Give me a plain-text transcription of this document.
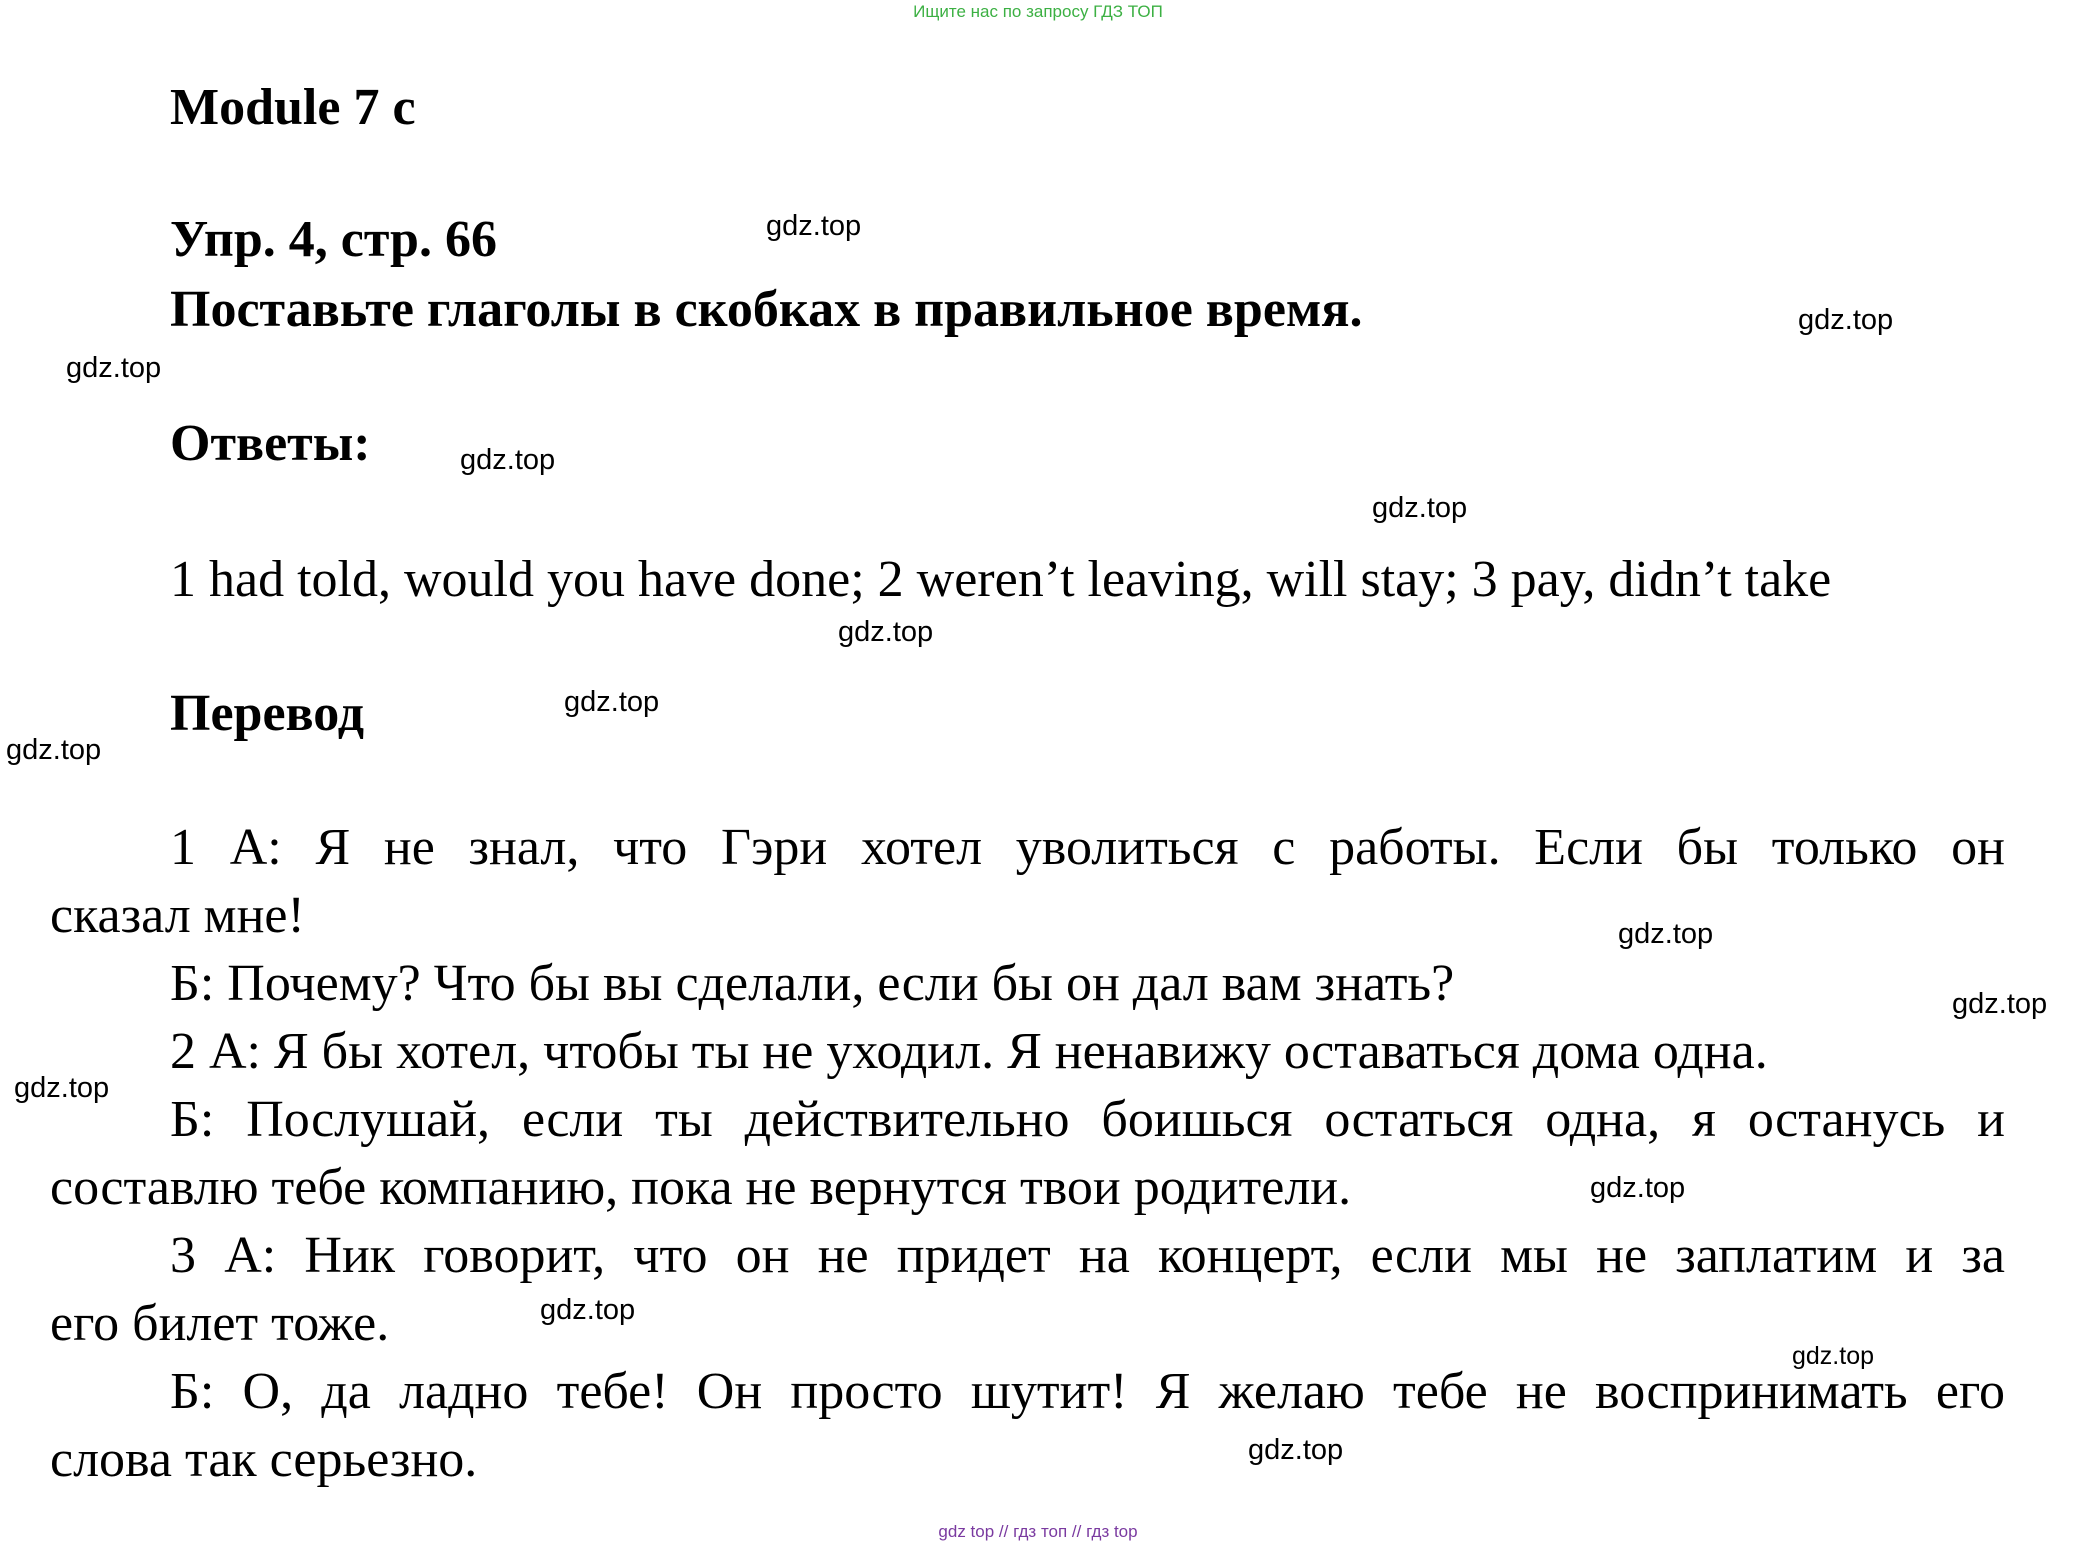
Ищите нас по запросу ГДЗ ТОП
Module 7 c
Упр. 4, стр. 66
Поставьте глаголы в скобках в правильное время.
Ответы:
1 had told, would you have done; 2 weren’t leaving, will stay; 3 pay, didn’t take
Перевод
1 А: Я не знал, что Гэри хотел уволиться с работы. Если бы только он
сказал мне!
Б: Почему? Что бы вы сделали, если бы он дал вам знать?
2 А: Я бы хотел, чтобы ты не уходил. Я ненавижу оставаться дома одна.
Б: Послушай, если ты действительно боишься остаться одна, я останусь и
составлю тебе компанию, пока не вернутся твои родители.
3 А: Ник говорит, что он не придет на концерт, если мы не заплатим и за
его билет тоже.
Б: О, да ладно тебе! Он просто шутит! Я желаю тебе не воспринимать его
слова так серьезно.
gdz.top
gdz.top
gdz.top
gdz.top
gdz.top
gdz.top
gdz.top
gdz.top
gdz.top
gdz.top
gdz.top
gdz.top
gdz.top
gdz.top
gdz.top
gdz top // гдз топ // гдз top
